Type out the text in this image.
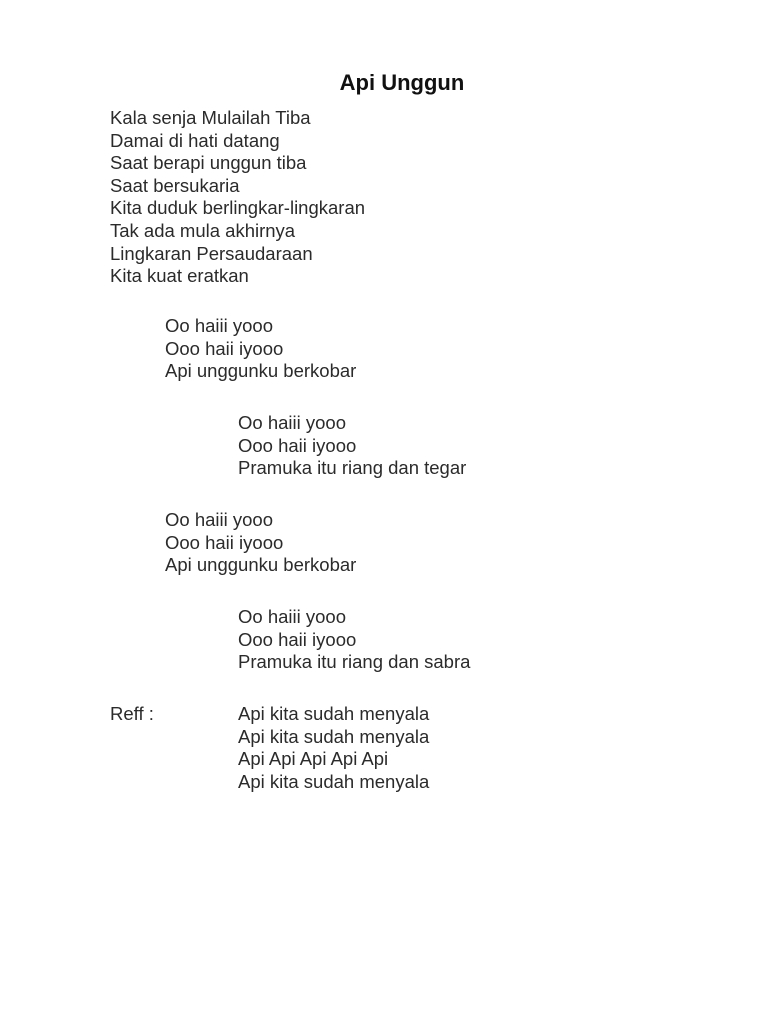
Api Unggun
Kala senja Mulailah Tiba
Damai di hati datang
Saat berapi unggun tiba
Saat bersukaria
Kita duduk berlingkar-lingkaran
Tak ada mula akhirnya
Lingkaran Persaudaraan
Kita kuat eratkan
Oo haiii yooo
Ooo haii iyooo
Api unggunku berkobar
Oo haiii yooo
Ooo haii iyooo
Pramuka itu riang dan tegar
Oo haiii yooo
Ooo haii iyooo
Api unggunku berkobar
Oo haiii yooo
Ooo haii iyooo
Pramuka itu riang dan sabra
Reff :	Api kita sudah menyala
Api kita sudah menyala
Api Api Api Api Api
Api kita sudah menyala
